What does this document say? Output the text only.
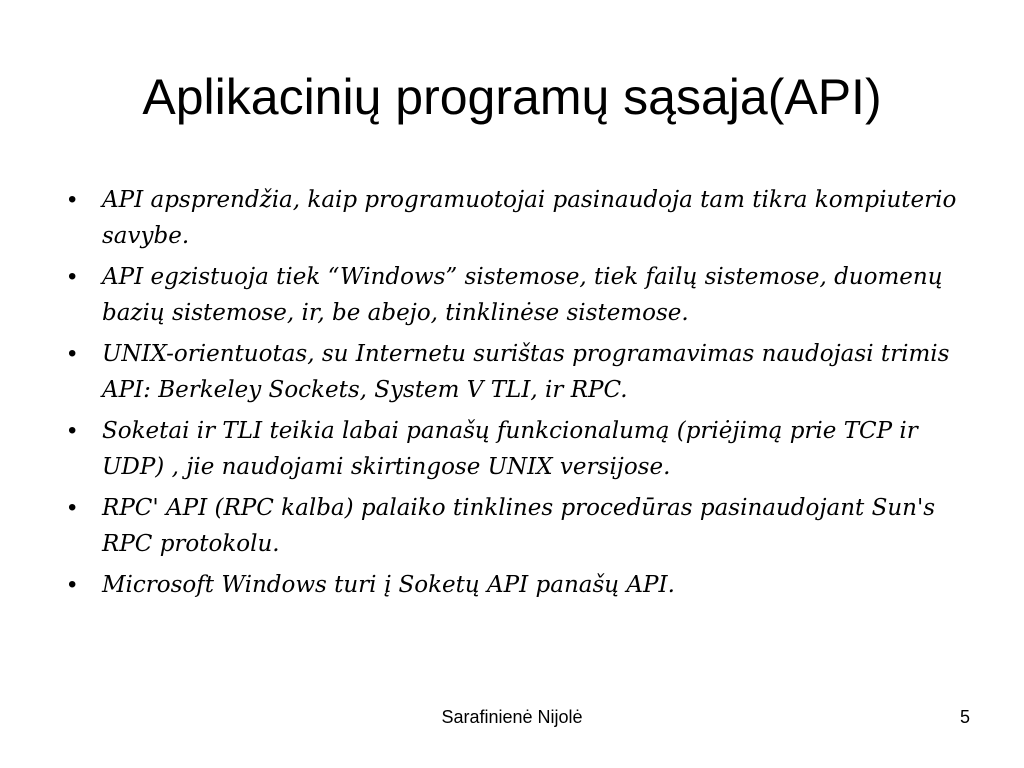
Aplikacinių programų sąsaja(API)
• API apsprendžia, kaip programuotojai pasinaudoja tam tikra kompiuterio savybe.
• API egzistuoja tiek “Windows” sistemose, tiek failų sistemose, duomenų bazių sistemose, ir, be abejo, tinklinėse sistemose.
• UNIX-orientuotas, su Internetu surištas programavimas naudojasi trimis API: Berkeley Sockets, System V TLI, ir RPC.
• Soketai ir TLI teikia labai panašų funkcionalumą (priėjimą prie TCP ir UDP) , jie naudojami skirtingose UNIX versijose.
• RPC' API (RPC kalba) palaiko tinklines procedūras pasinaudojant Sun's RPC protokolu.
• Microsoft Windows turi į Soketų API panašų API.
Sarafinienė Nijolė	5
